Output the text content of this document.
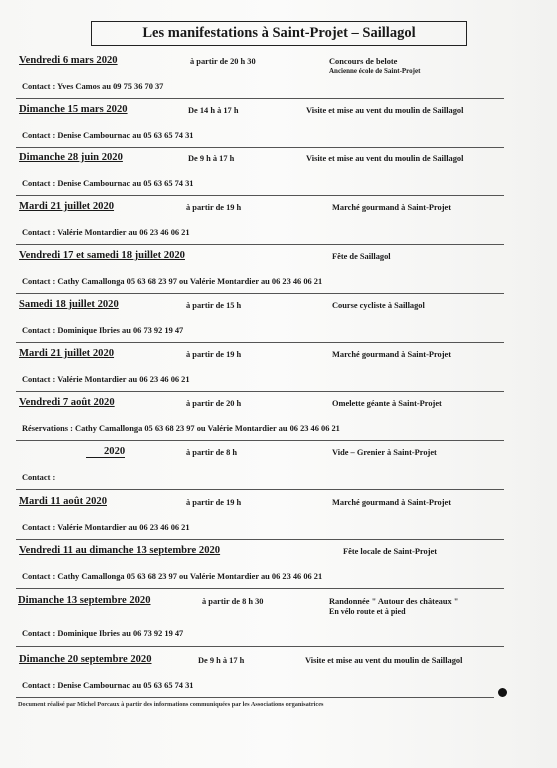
Les manifestations à Saint-Projet – Saillagol
Vendredi 6 mars 2020	à partir de 20 h 30	Concours de belote
Ancienne école de Saint-Projet
Contact : Yves Camos au 09 75 36 70 37
Dimanche 15 mars 2020	De 14 h à 17 h	Visite et mise au vent du moulin de Saillagol
Contact : Denise Cambournac au 05 63 65 74 31
Dimanche 28 juin 2020	De 9 h à 17 h	Visite et mise au vent du moulin de Saillagol
Contact : Denise Cambournac au 05 63 65 74 31
Mardi 21 juillet 2020	à partir de 19 h	Marché gourmand à Saint-Projet
Contact : Valérie Montardier au 06 23 46 06 21
Vendredi 17 et samedi 18 juillet 2020	Fête de Saillagol
Contact : Cathy Camallonga 05 63 68 23 97 ou Valérie Montardier au 06 23 46 06 21
Samedi 18 juillet 2020	à partir de 15 h	Course cycliste à Saillagol
Contact : Dominique Ibries au 06 73 92 19 47
Mardi 21 juillet 2020	à partir de 19 h	Marché gourmand à Saint-Projet
Contact : Valérie Montardier au 06 23 46 06 21
Vendredi 7 août 2020	à partir de 20 h	Omelette géante à Saint-Projet
Réservations : Cathy Camallonga 05 63 68 23 97 ou Valérie Montardier au 06 23 46 06 21
2020	à partir de 8 h	Vide – Grenier à Saint-Projet
Contact :
Mardi 11 août 2020	à partir de 19 h	Marché gourmand à Saint-Projet
Contact : Valérie Montardier au 06 23 46 06 21
Vendredi 11 au dimanche 13 septembre 2020	Fête locale de Saint-Projet
Contact : Cathy Camallonga 05 63 68 23 97 ou Valérie Montardier au 06 23 46 06 21
Dimanche 13 septembre 2020	à partir de 8 h 30	Randonnée " Autour des châteaux "
En vélo route et à pied
Contact : Dominique Ibries au 06 73 92 19 47
Dimanche 20 septembre 2020	De 9 h à 17 h	Visite et mise au vent du moulin de Saillagol
Contact : Denise Cambournac au 05 63 65 74 31
Document réalisé par Michel Porcaux à partir des informations communiquées par les Associations organisatrices
